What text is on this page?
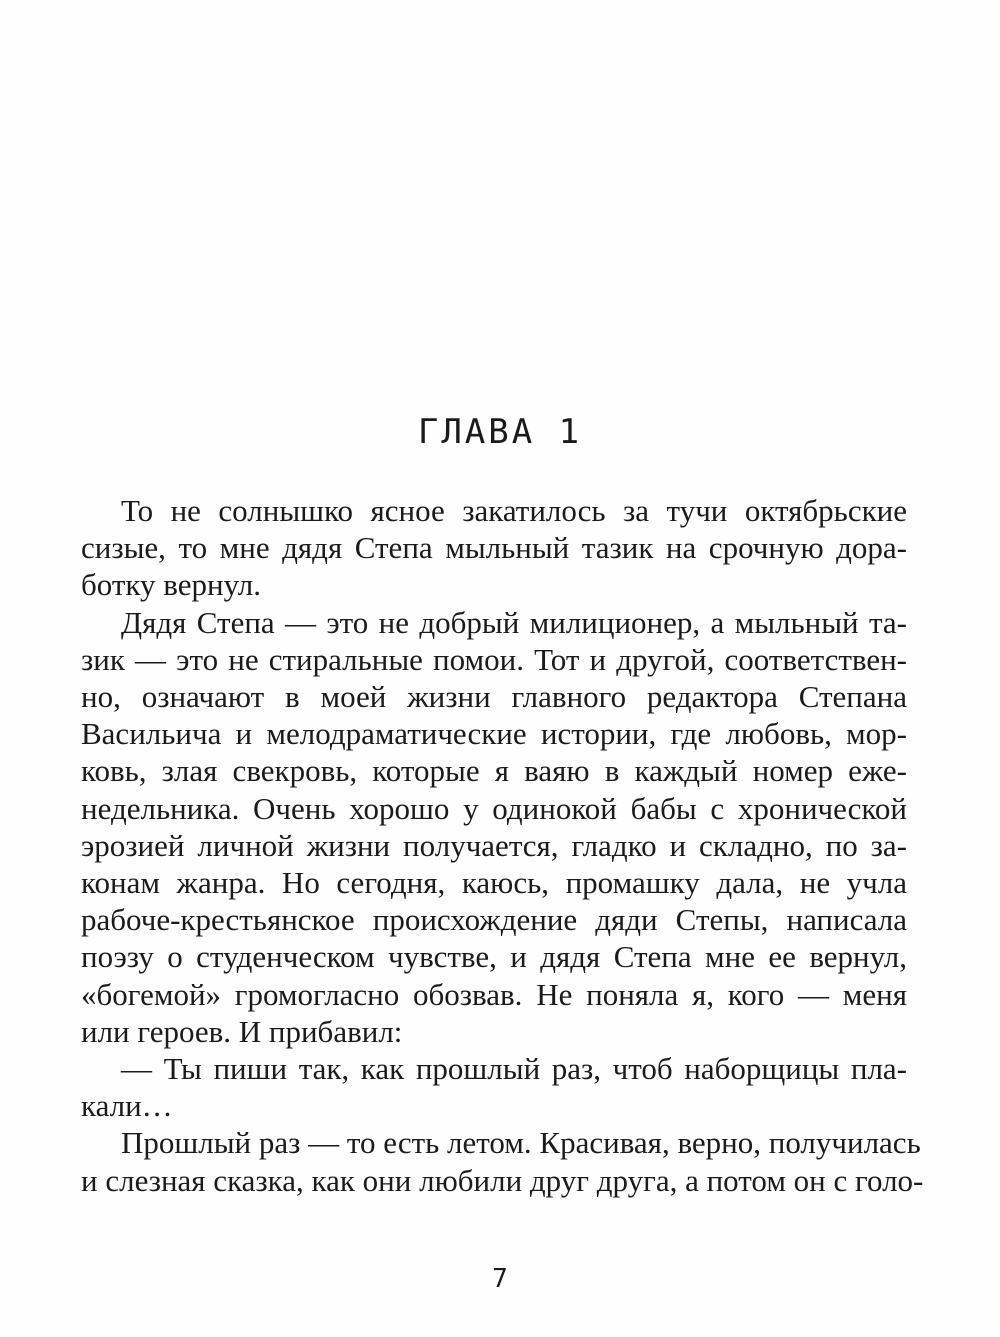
ГЛАВА 1
То не солнышко ясное закатилось за тучи октябрьские
сизые, то мне дядя Степа мыльный тазик на срочную дора-
ботку вернул.
Дядя Степа — это не добрый милиционер, а мыльный та-
зик — это не стиральные помои. Тот и другой, соответствен-
но, означают в моей жизни главного редактора Степана
Васильича и мелодраматические истории, где любовь, мор-
ковь, злая свекровь, которые я ваяю в каждый номер еже-
недельника. Очень хорошо у одинокой бабы с хронической
эрозией личной жизни получается, гладко и складно, по за-
конам жанра. Но сегодня, каюсь, промашку дала, не учла
рабоче-крестьянское происхождение дяди Степы, написала
поэзу о студенческом чувстве, и дядя Степа мне ее вернул,
«богемой» громогласно обозвав. Не поняла я, кого — меня
или героев. И прибавил:
— Ты пиши так, как прошлый раз, чтоб наборщицы пла-
кали…
Прошлый раз — то есть летом. Красивая, верно, получилась
и слезная сказка, как они любили друг друга, а потом он с голо-

7
